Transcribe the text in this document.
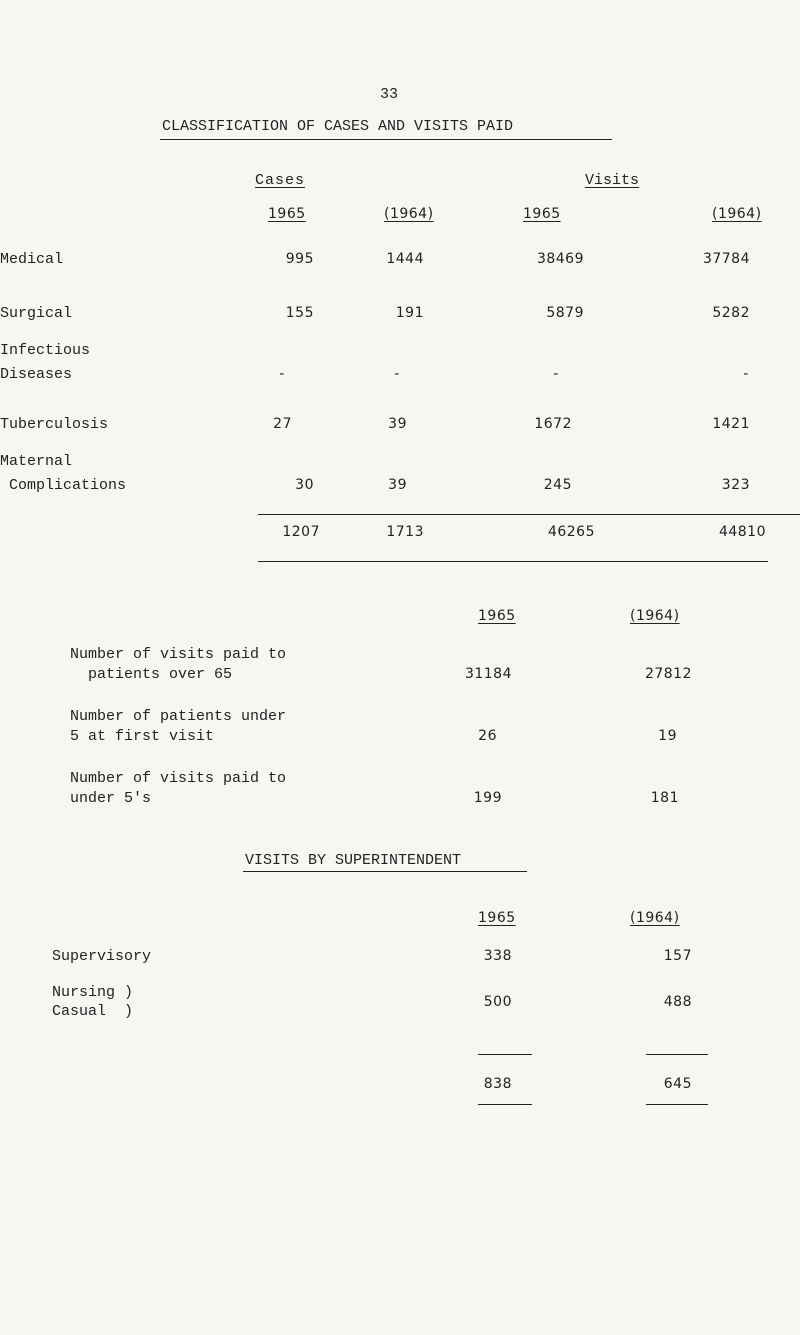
33
CLASSIFICATION OF CASES AND VISITS PAID
Cases	Visits
1965	(1964)	1965	(1964)
Medical	995	1444	38469	37784
Surgical	155	191	5879	5282
Infectious
Diseases	-	-	-	-
Tuberculosis	27	39	1672	1421
Maternal
Complications	30	39	245	323
1207	1713	46265	44810
1965	(1964)
Number of visits paid to
patients over 65	31184	27812
Number of patients under
5 at first visit	26	19
Number of visits paid to
under 5's	199	181
VISITS BY SUPERINTENDENT
1965	(1964)
Supervisory	338	157
Nursing )
Casual  )
500	488
838	645
